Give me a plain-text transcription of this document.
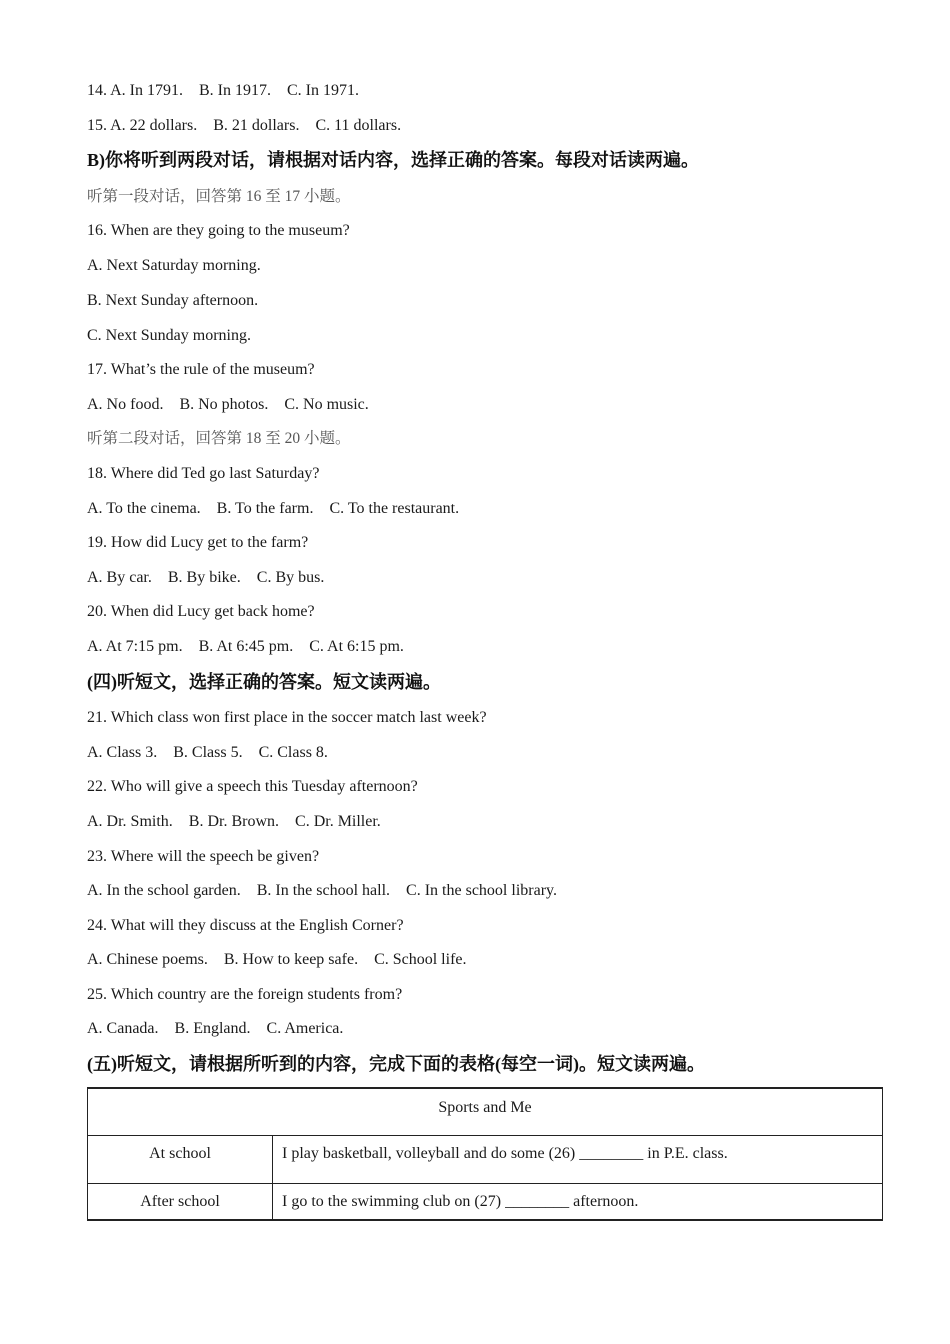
14. A. In 1791.    B. In 1917.    C. In 1971.
15. A. 22 dollars.    B. 21 dollars.    C. 11 dollars.
B)你将听到两段对话，请根据对话内容，选择正确的答案。每段对话读两遍。
听第一段对话，回答第 16 至 17 小题。
16. When are they going to the museum?
A. Next Saturday morning.
B. Next Sunday afternoon.
C. Next Sunday morning.
17. What’s the rule of the museum?
A. No food.    B. No photos.    C. No music.
听第二段对话，回答第 18 至 20 小题。
18. Where did Ted go last Saturday?
A. To the cinema.    B. To the farm.    C. To the restaurant.
19. How did Lucy get to the farm?
A. By car.    B. By bike.    C. By bus.
20. When did Lucy get back home?
A. At 7:15 pm.    B. At 6:45 pm.    C. At 6:15 pm.
(四)听短文，选择正确的答案。短文读两遍。
21. Which class won first place in the soccer match last week?
A. Class 3.    B. Class 5.    C. Class 8.
22. Who will give a speech this Tuesday afternoon?
A. Dr. Smith.    B. Dr. Brown.    C. Dr. Miller.
23. Where will the speech be given?
A. In the school garden.    B. In the school hall.    C. In the school library.
24. What will they discuss at the English Corner?
A. Chinese poems.    B. How to keep safe.    C. School life.
25. Which country are the foreign students from?
A. Canada.    B. England.    C. America.
(五)听短文，请根据所听到的内容，完成下面的表格(每空一词)。短文读两遍。
Sports and Me	
At school	I play basketball, volleyball and do some (26) ________ in P.E. class.
After school	I go to the swimming club on (27) ________ afternoon.
